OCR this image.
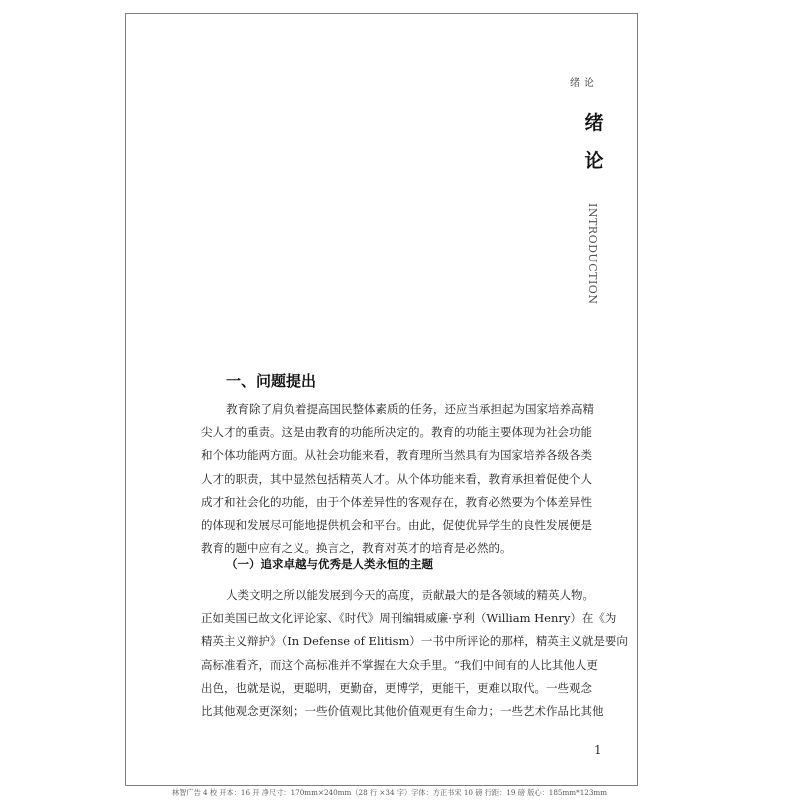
绪论
绪
论
INTRODUCTION
一、问题提出
教育除了肩负着提高国民整体素质的任务，还应当承担起为国家培养高精
尖人才的重责。这是由教育的功能所决定的。教育的功能主要体现为社会功能
和个体功能两方面。从社会功能来看，教育理所当然具有为国家培养各级各类
人才的职责，其中显然包括精英人才。从个体功能来看，教育承担着促使个人
成才和社会化的功能，由于个体差异性的客观存在，教育必然要为个体差异性
的体现和发展尽可能地提供机会和平台。由此，促使优异学生的良性发展便是
教育的题中应有之义。换言之，教育对英才的培育是必然的。
（一）追求卓越与优秀是人类永恒的主题
人类文明之所以能发展到今天的高度，贡献最大的是各领域的精英人物。
正如美国已故文化评论家、《时代》周刊编辑威廉·亨利（William Henry）在《为
精英主义辩护》（In Defense of Elitism）一书中所评论的那样，精英主义就是要向
高标准看齐，而这个高标准并不掌握在大众手里。“我们中间有的人比其他人更
出色，也就是说，更聪明，更勤奋，更博学，更能干，更难以取代。一些观念
比其他观念更深刻；一些价值观比其他价值观更有生命力；一些艺术作品比其他
1
林智广告 4 校 开本：16 开 净尺寸：170mm×240mm（28 行 ×34 字）字体：方正书宋 10 磅 行距：19 磅 版心：185mm*123mm
